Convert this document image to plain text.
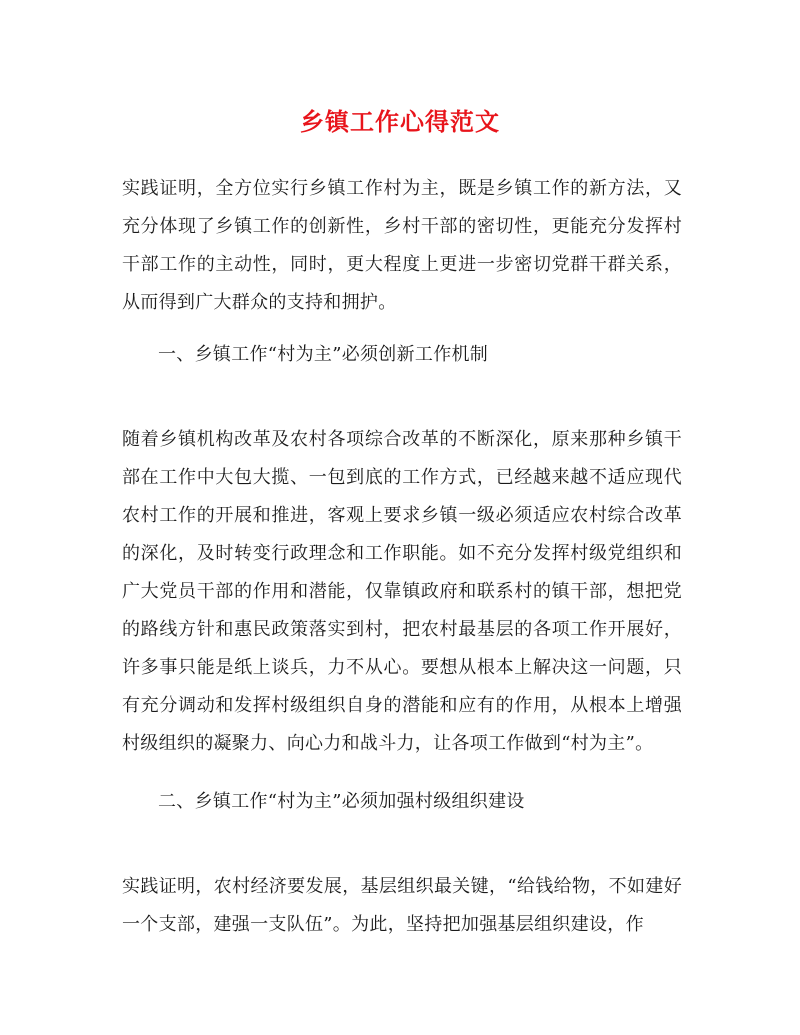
乡镇工作心得范文
实践证明，全方位实行乡镇工作村为主，既是乡镇工作的新方法，又充分体现了乡镇工作的创新性，乡村干部的密切性，更能充分发挥村干部工作的主动性，同时，更大程度上更进一步密切党群干群关系，从而得到广大群众的支持和拥护。
一、乡镇工作“村为主”必须创新工作机制
随着乡镇机构改革及农村各项综合改革的不断深化，原来那种乡镇干部在工作中大包大揽、一包到底的工作方式，已经越来越不适应现代农村工作的开展和推进，客观上要求乡镇一级必须适应农村综合改革的深化，及时转变行政理念和工作职能。如不充分发挥村级党组织和广大党员干部的作用和潜能，仅靠镇政府和联系村的镇干部，想把党的路线方针和惠民政策落实到村，把农村最基层的各项工作开展好，许多事只能是纸上谈兵，力不从心。要想从根本上解决这一问题，只有充分调动和发挥村级组织自身的潜能和应有的作用，从根本上增强村级组织的凝聚力、向心力和战斗力，让各项工作做到“村为主”。
二、乡镇工作“村为主”必须加强村级组织建设
实践证明，农村经济要发展，基层组织最关键，“给钱给物，不如建好一个支部，建强一支队伍”。为此，坚持把加强基层组织建设，作
